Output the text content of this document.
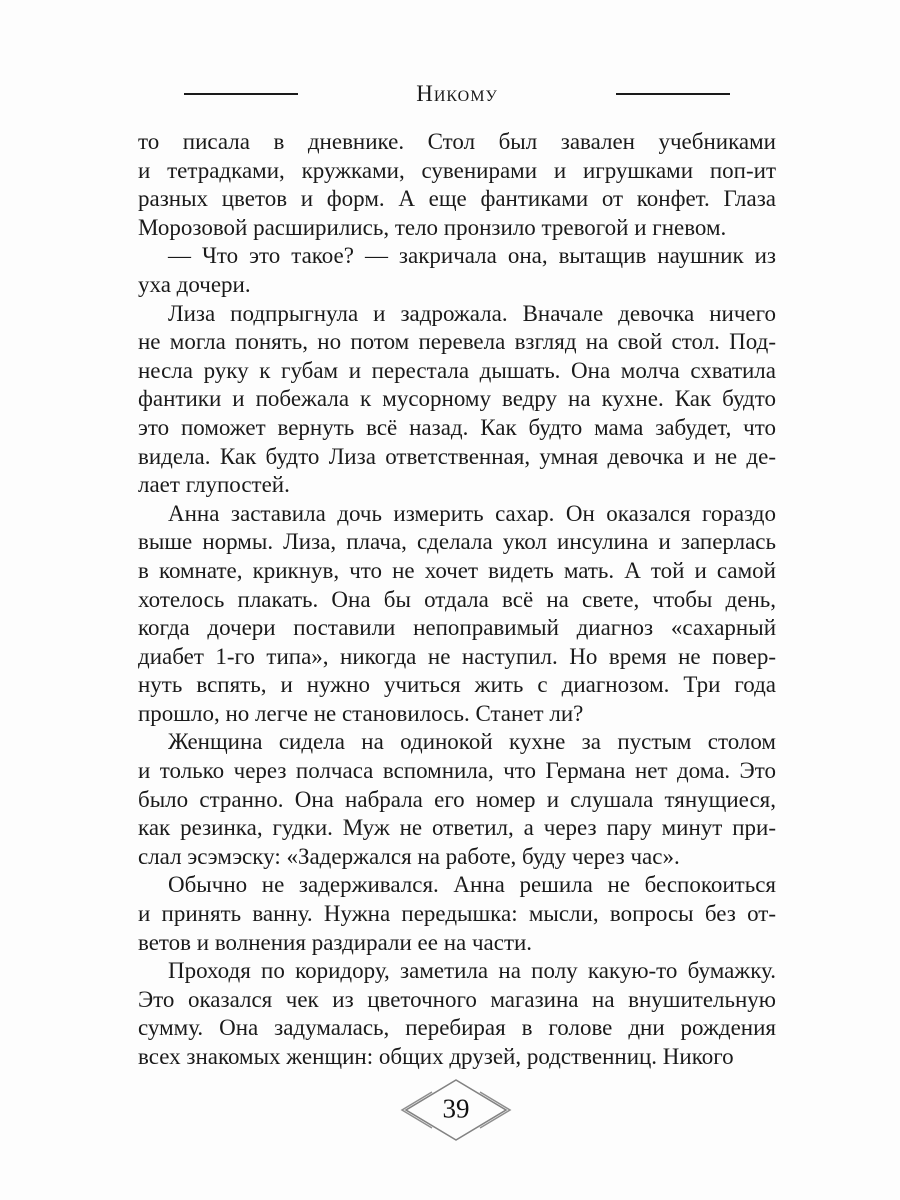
Никому
то писала в дневнике. Стол был завален учебниками
и тетрадками, кружками, сувенирами и игрушками поп-ит
разных цветов и форм. А еще фантиками от конфет. Глаза
Морозовой расширились, тело пронзило тревогой и гневом.
— Что это такое? — закричала она, вытащив наушник из
уха дочери.
Лиза подпрыгнула и задрожала. Вначале девочка ничего
не могла понять, но потом перевела взгляд на свой стол. Под-
несла руку к губам и перестала дышать. Она молча схватила
фантики и побежала к мусорному ведру на кухне. Как будто
это поможет вернуть всё назад. Как будто мама забудет, что
видела. Как будто Лиза ответственная, умная девочка и не де-
лает глупостей.
Анна заставила дочь измерить сахар. Он оказался гораздо
выше нормы. Лиза, плача, сделала укол инсулина и заперлась
в комнате, крикнув, что не хочет видеть мать. А той и самой
хотелось плакать. Она бы отдала всё на свете, чтобы день,
когда дочери поставили непоправимый диагноз «сахарный
диабет 1-го типа», никогда не наступил. Но время не повер-
нуть вспять, и нужно учиться жить с диагнозом. Три года
прошло, но легче не становилось. Станет ли?
Женщина сидела на одинокой кухне за пустым столом
и только через полчаса вспомнила, что Германа нет дома. Это
было странно. Она набрала его номер и слушала тянущиеся,
как резинка, гудки. Муж не ответил, а через пару минут при-
слал эсэмэску: «Задержался на работе, буду через час».
Обычно не задерживался. Анна решила не беспокоиться
и принять ванну. Нужна передышка: мысли, вопросы без от-
ветов и волнения раздирали ее на части.
Проходя по коридору, заметила на полу какую-то бумажку.
Это оказался чек из цветочного магазина на внушительную
сумму. Она задумалась, перебирая в голове дни рождения
всех знакомых женщин: общих друзей, родственниц. Никого
39
